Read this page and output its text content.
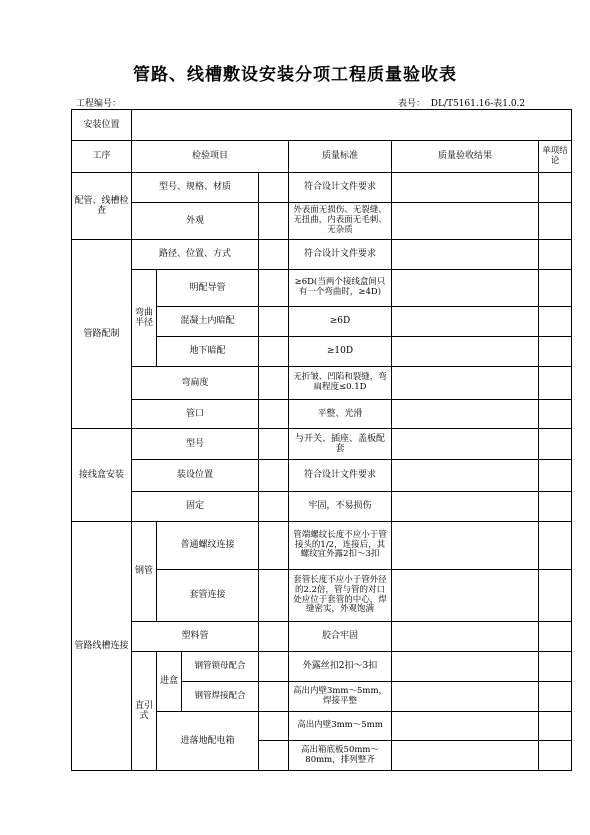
管路、线槽敷设安装分项工程质量验收表
工程编号：	表号： DL/T5161.16-表1.0.2
安装位置							
工序	检验项目				质量标准	质量验收结果	单项结论
配管、线槽检查	型号、规格、材质				符合设计文件要求		
	外观				外表面无损伤、无裂缝、无扭曲，内表面无毛刺、无杂质		
管路配制	路径、位置、方式				符合设计文件要求		
	弯曲半径	明配导管			≥6D(当两个接线盒间只有一个弯曲时，≥4D)		
		混凝土内暗配			≥6D		
		地下暗配			≥10D		
	弯扁度				无折皱、凹陷和裂缝，弯扁程度≤0.1D		
	管口				平整、光滑		
接线盒安装	型号				与开关、插座、盖板配套		
	装设位置				符合设计文件要求		
	固定				牢固，不易损伤		
管路线槽连接	钢管	普通螺纹连接			管端螺纹长度不应小于管接头的1/2，连接后，其螺纹宜外露2扣～3扣		
		套管连接			套管长度不应小于管外径的2.2倍，管与管的对口处应位于套管的中心，焊缝密实，外观饱满		
	塑料管				胶合牢固		
	直引式	进盒	钢管锁母配合		外露丝扣2扣～3扣		
			钢管焊接配合		高出内壁3mm～5mm，焊接平整		
		进落地配电箱			高出内壁3mm～5mm		
					高出箱底板50mm～80mm，排列整齐		
